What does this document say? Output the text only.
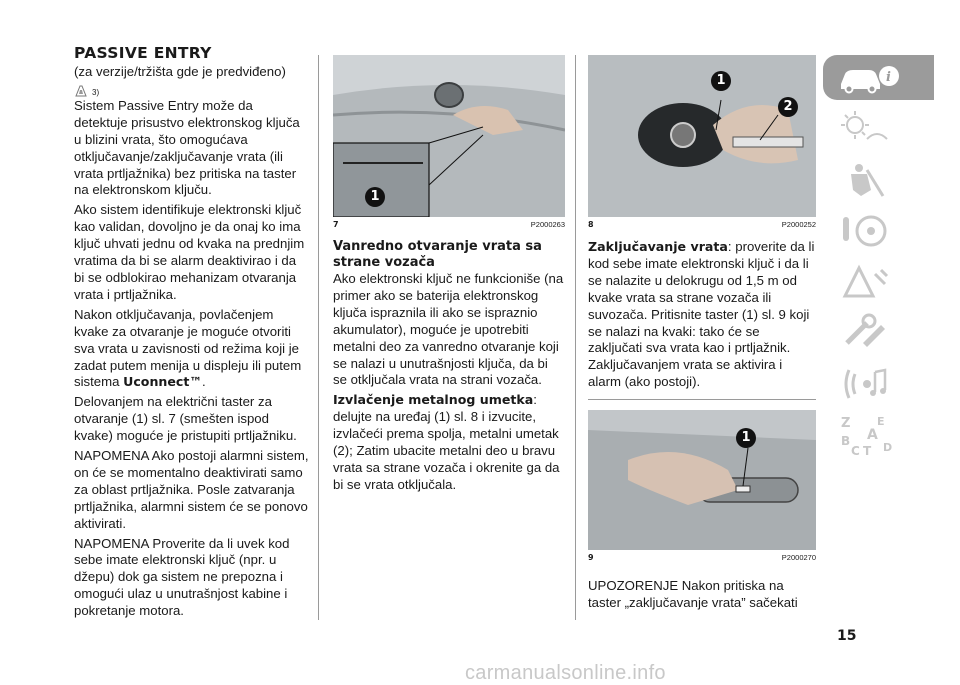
PASSIVE ENTRY

(za verzije/tržišta gde je predviđeno)

3)

Sistem Passive Entry može da detektuje prisustvo elektronskog ključa u blizini vrata, što omogućava otključavanje/zaključavanje vrata (ili vrata prtljažnika) bez pritiska na taster na elektronskom ključu.

Ako sistem identifikuje elektronski ključ kao validan, dovoljno je da onaj ko ima ključ uhvati jednu od kvaka na prednjim vratima da bi se alarm deaktivirao i da bi se odblokirao mehanizam otvaranja vrata i prtljažnika.

Nakon otključavanja, povlačenjem kvake za otvaranje je moguće otvoriti sva vrata u zavisnosti od režima koji je zadat putem menija u displeju ili putem sistema Uconnect™.

Delovanjem na električni taster za otvaranje (1) sl. 7 (smešten ispod kvake) moguće je pristupiti prtljažniku.

NAPOMENA Ako postoji alarmni sistem, on će se momentalno deaktivirati samo za oblast prtljažnika. Posle zatvaranja prtljažnika, alarmni sistem će se ponovo aktivirati.

NAPOMENA Proverite da li uvek kod sebe imate elektronski ključ (npr. u džepu) dok ga sistem ne prepozna i omogući ulaz u unutrašnjost kabine i pokretanje motora.

1
7	P2000263
Vanredno otvaranje vrata sa strane vozača

Ako elektronski ključ ne funkcioniše (na primer ako se baterija elektronskog ključa ispraznila ili ako se ispraznio akumulator), moguće je upotrebiti metalni deo za vanredno otvaranje koji se nalazi u unutrašnjosti ključa, da bi se otključala vrata na strani vozača.

Izvlačenje metalnog umetka: delujte na uređaj (1) sl. 8 i izvucite, izvlačeći prema spolja, metalni umetak (2); Zatim ubacite metalni deo u bravu vrata sa strane vozača i okrenite ga da bi se vrata otključala.

1
2
8	P2000252

Zaključavanje vrata: proverite da li kod sebe imate elektronski ključ i da li se nalazite u delokrugu od 1,5 m od kvake vrata sa strane vozača ili suvozača. Pritisnite taster (1) sl. 9 koji se nalazi na kvaki: tako će se zaključati sva vrata kao i prtljažnik. Zaključavanjem vrata se aktivira i alarm (ako postoji).

1
9	P2000270

UPOZORENJE Nakon pritiska na taster „zaključavanje vrata” sačekati

i
Z E
B A
C T D
15
carmanualsonline.info
